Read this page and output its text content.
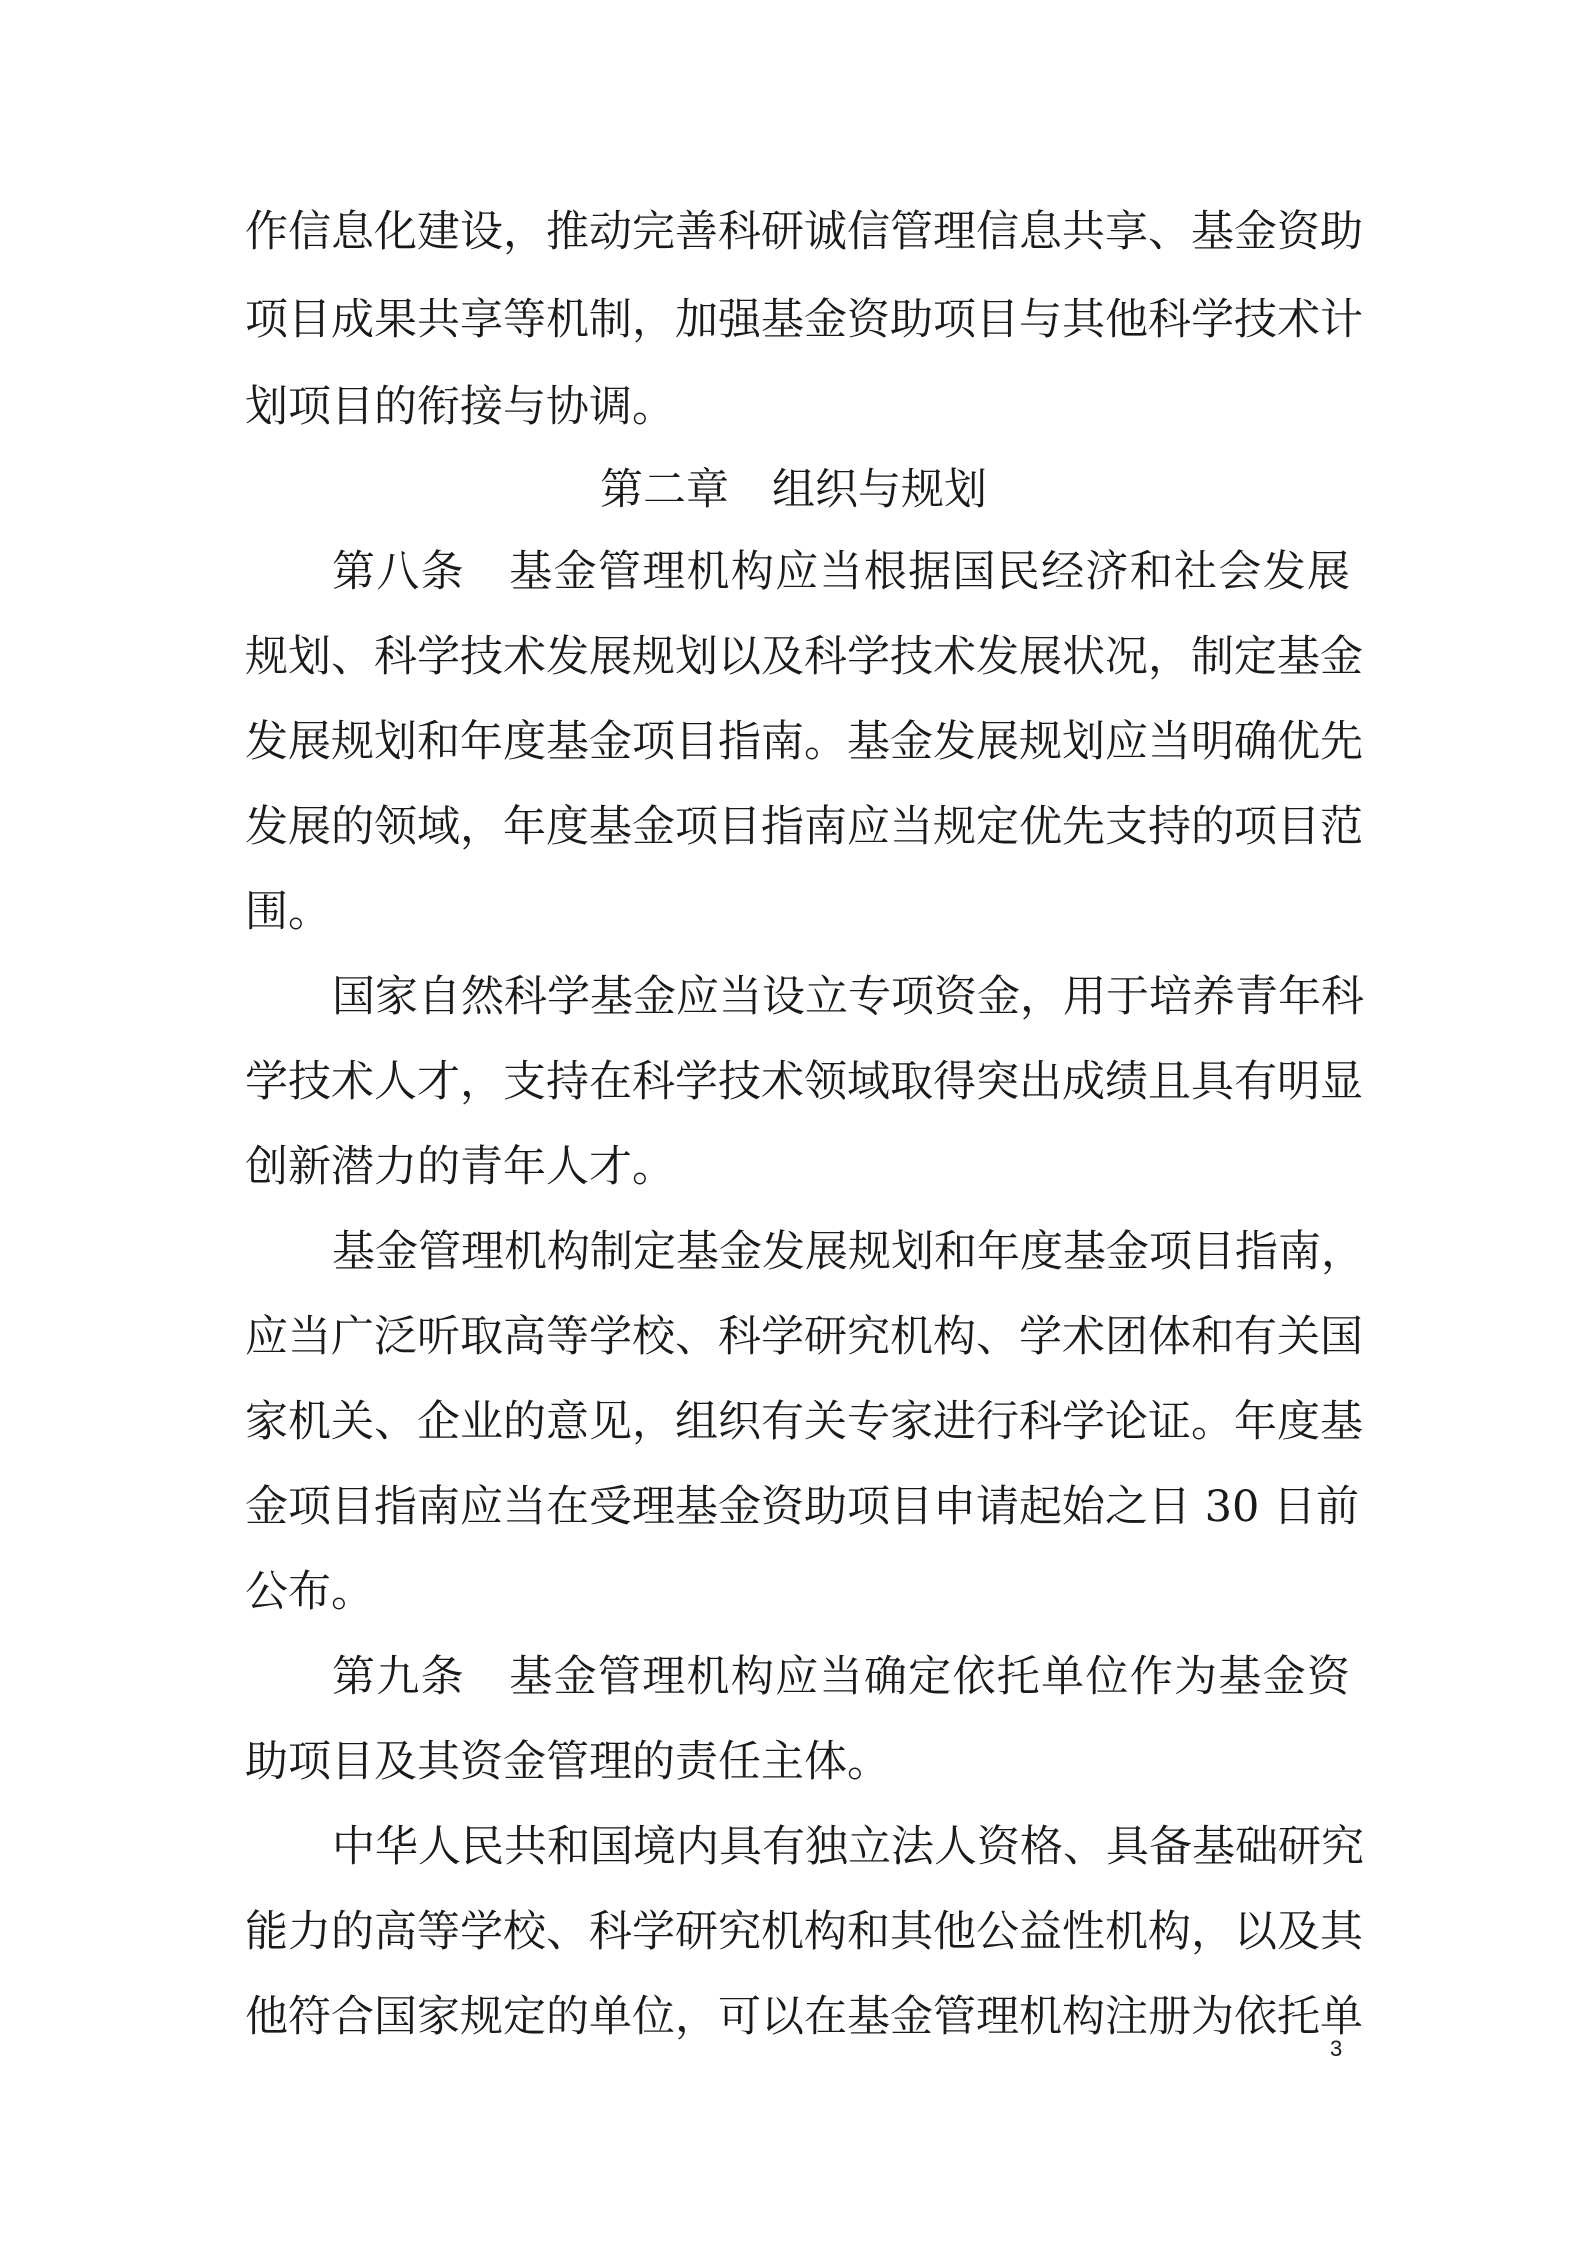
作信息化建设，推动完善科研诚信管理信息共享、基金资助
项目成果共享等机制，加强基金资助项目与其他科学技术计
划项目的衔接与协调。
第二章　组织与规划
第八条 基金管理机构应当根据国民经济和社会发展
规划、科学技术发展规划以及科学技术发展状况，制定基金
发展规划和年度基金项目指南。基金发展规划应当明确优先
发展的领域，年度基金项目指南应当规定优先支持的项目范
围。
国家自然科学基金应当设立专项资金，用于培养青年科
学技术人才，支持在科学技术领域取得突出成绩且具有明显
创新潜力的青年人才。
基金管理机构制定基金发展规划和年度基金项目指南，
应当广泛听取高等学校、科学研究机构、学术团体和有关国
家机关、企业的意见，组织有关专家进行科学论证。年度基
金项目指南应当在受理基金资助项目申请起始之日 30 日前
公布。
第九条 基金管理机构应当确定依托单位作为基金资
助项目及其资金管理的责任主体。
中华人民共和国境内具有独立法人资格、具备基础研究
能力的高等学校、科学研究机构和其他公益性机构，以及其
他符合国家规定的单位，可以在基金管理机构注册为依托单
3
